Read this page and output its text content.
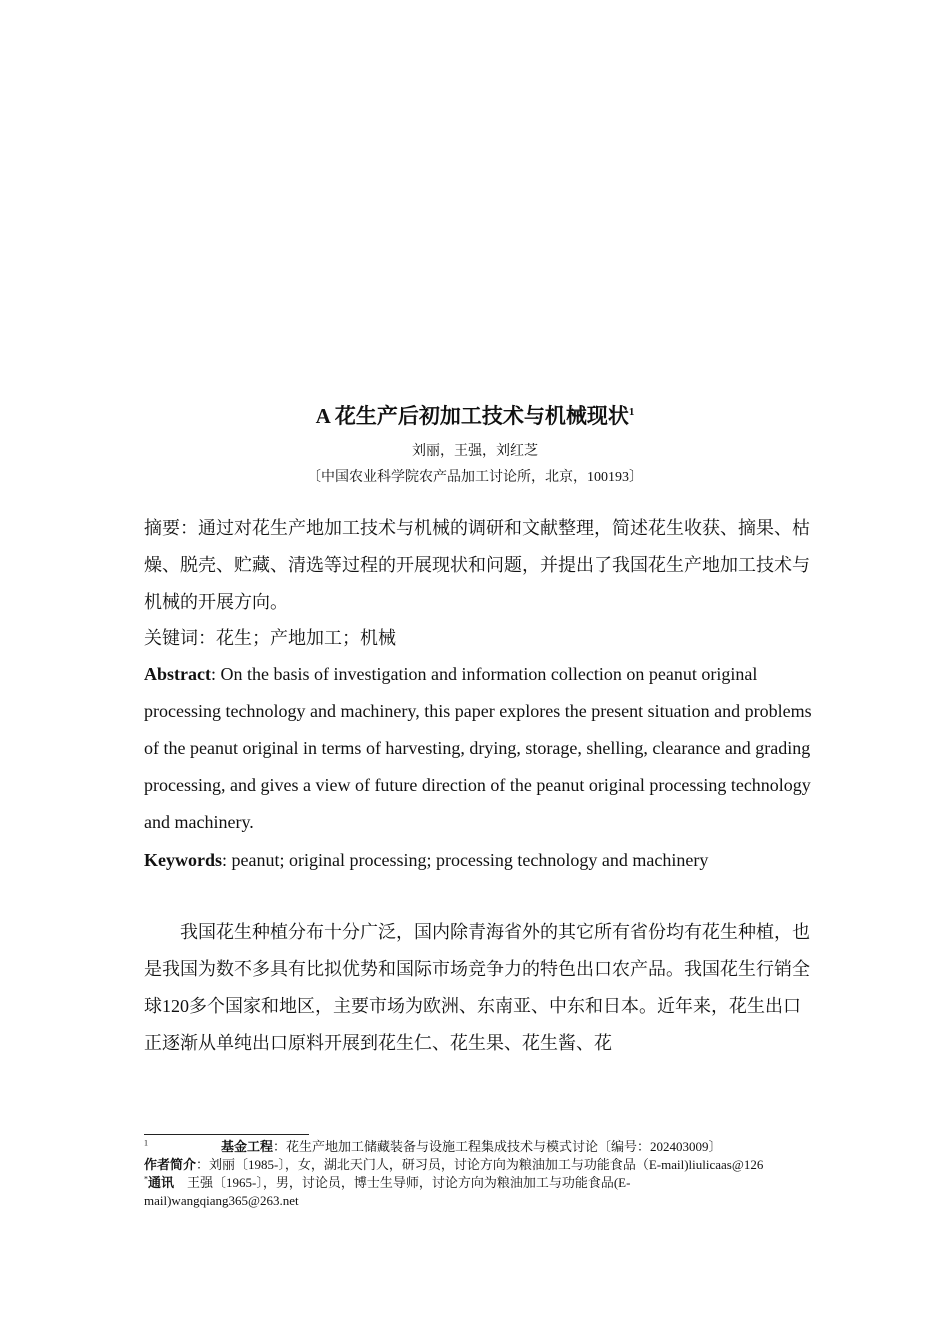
A 花生产后初加工技术与机械现状$^1$
刘丽，王强，刘红芝
〔中国农业科学院农产品加工讨论所，北京，100193〕
摘要：通过对花生产地加工技术与机械的调研和文献整理，简述花生收获、摘果、枯燥、脱壳、贮藏、清选等过程的开展现状和问题，并提出了我国花生产地加工技术与机械的开展方向。
关键词：花生；产地加工；机械
Abstract: On the basis of investigation and information collection on peanut original processing technology and machinery, this paper explores the present situation and problems of the peanut original in terms of harvesting, drying, storage, shelling, clearance and grading processing, and gives a view of future direction of the peanut original processing technology and machinery.
Keywords: peanut; original processing; processing technology and machinery
我国花生种植分布十分广泛，国内除青海省外的其它所有省份均有花生种植，也是我国为数不多具有比拟优势和国际市场竞争力的特色出口农产品。我国花生行销全球120多个国家和地区，主要市场为欧洲、东南亚、中东和日本。近年来，花生出口正逐渐从单纯出口原料开展到花生仁、花生果、花生酱、花

$^1$	基金工程：花生产地加工储藏装备与设施工程集成技术与模式讨论〔编号：202403009〕

作者简介：刘丽〔1985-〕，女，湖北天门人，研习员，讨论方向为粮油加工与功能食品（E-mail)liulicaas@126

*通讯　王强〔1965-〕，男，讨论员，博士生导师，讨论方向为粮油加工与功能食品(E-mail)wangqiang365@263.net
